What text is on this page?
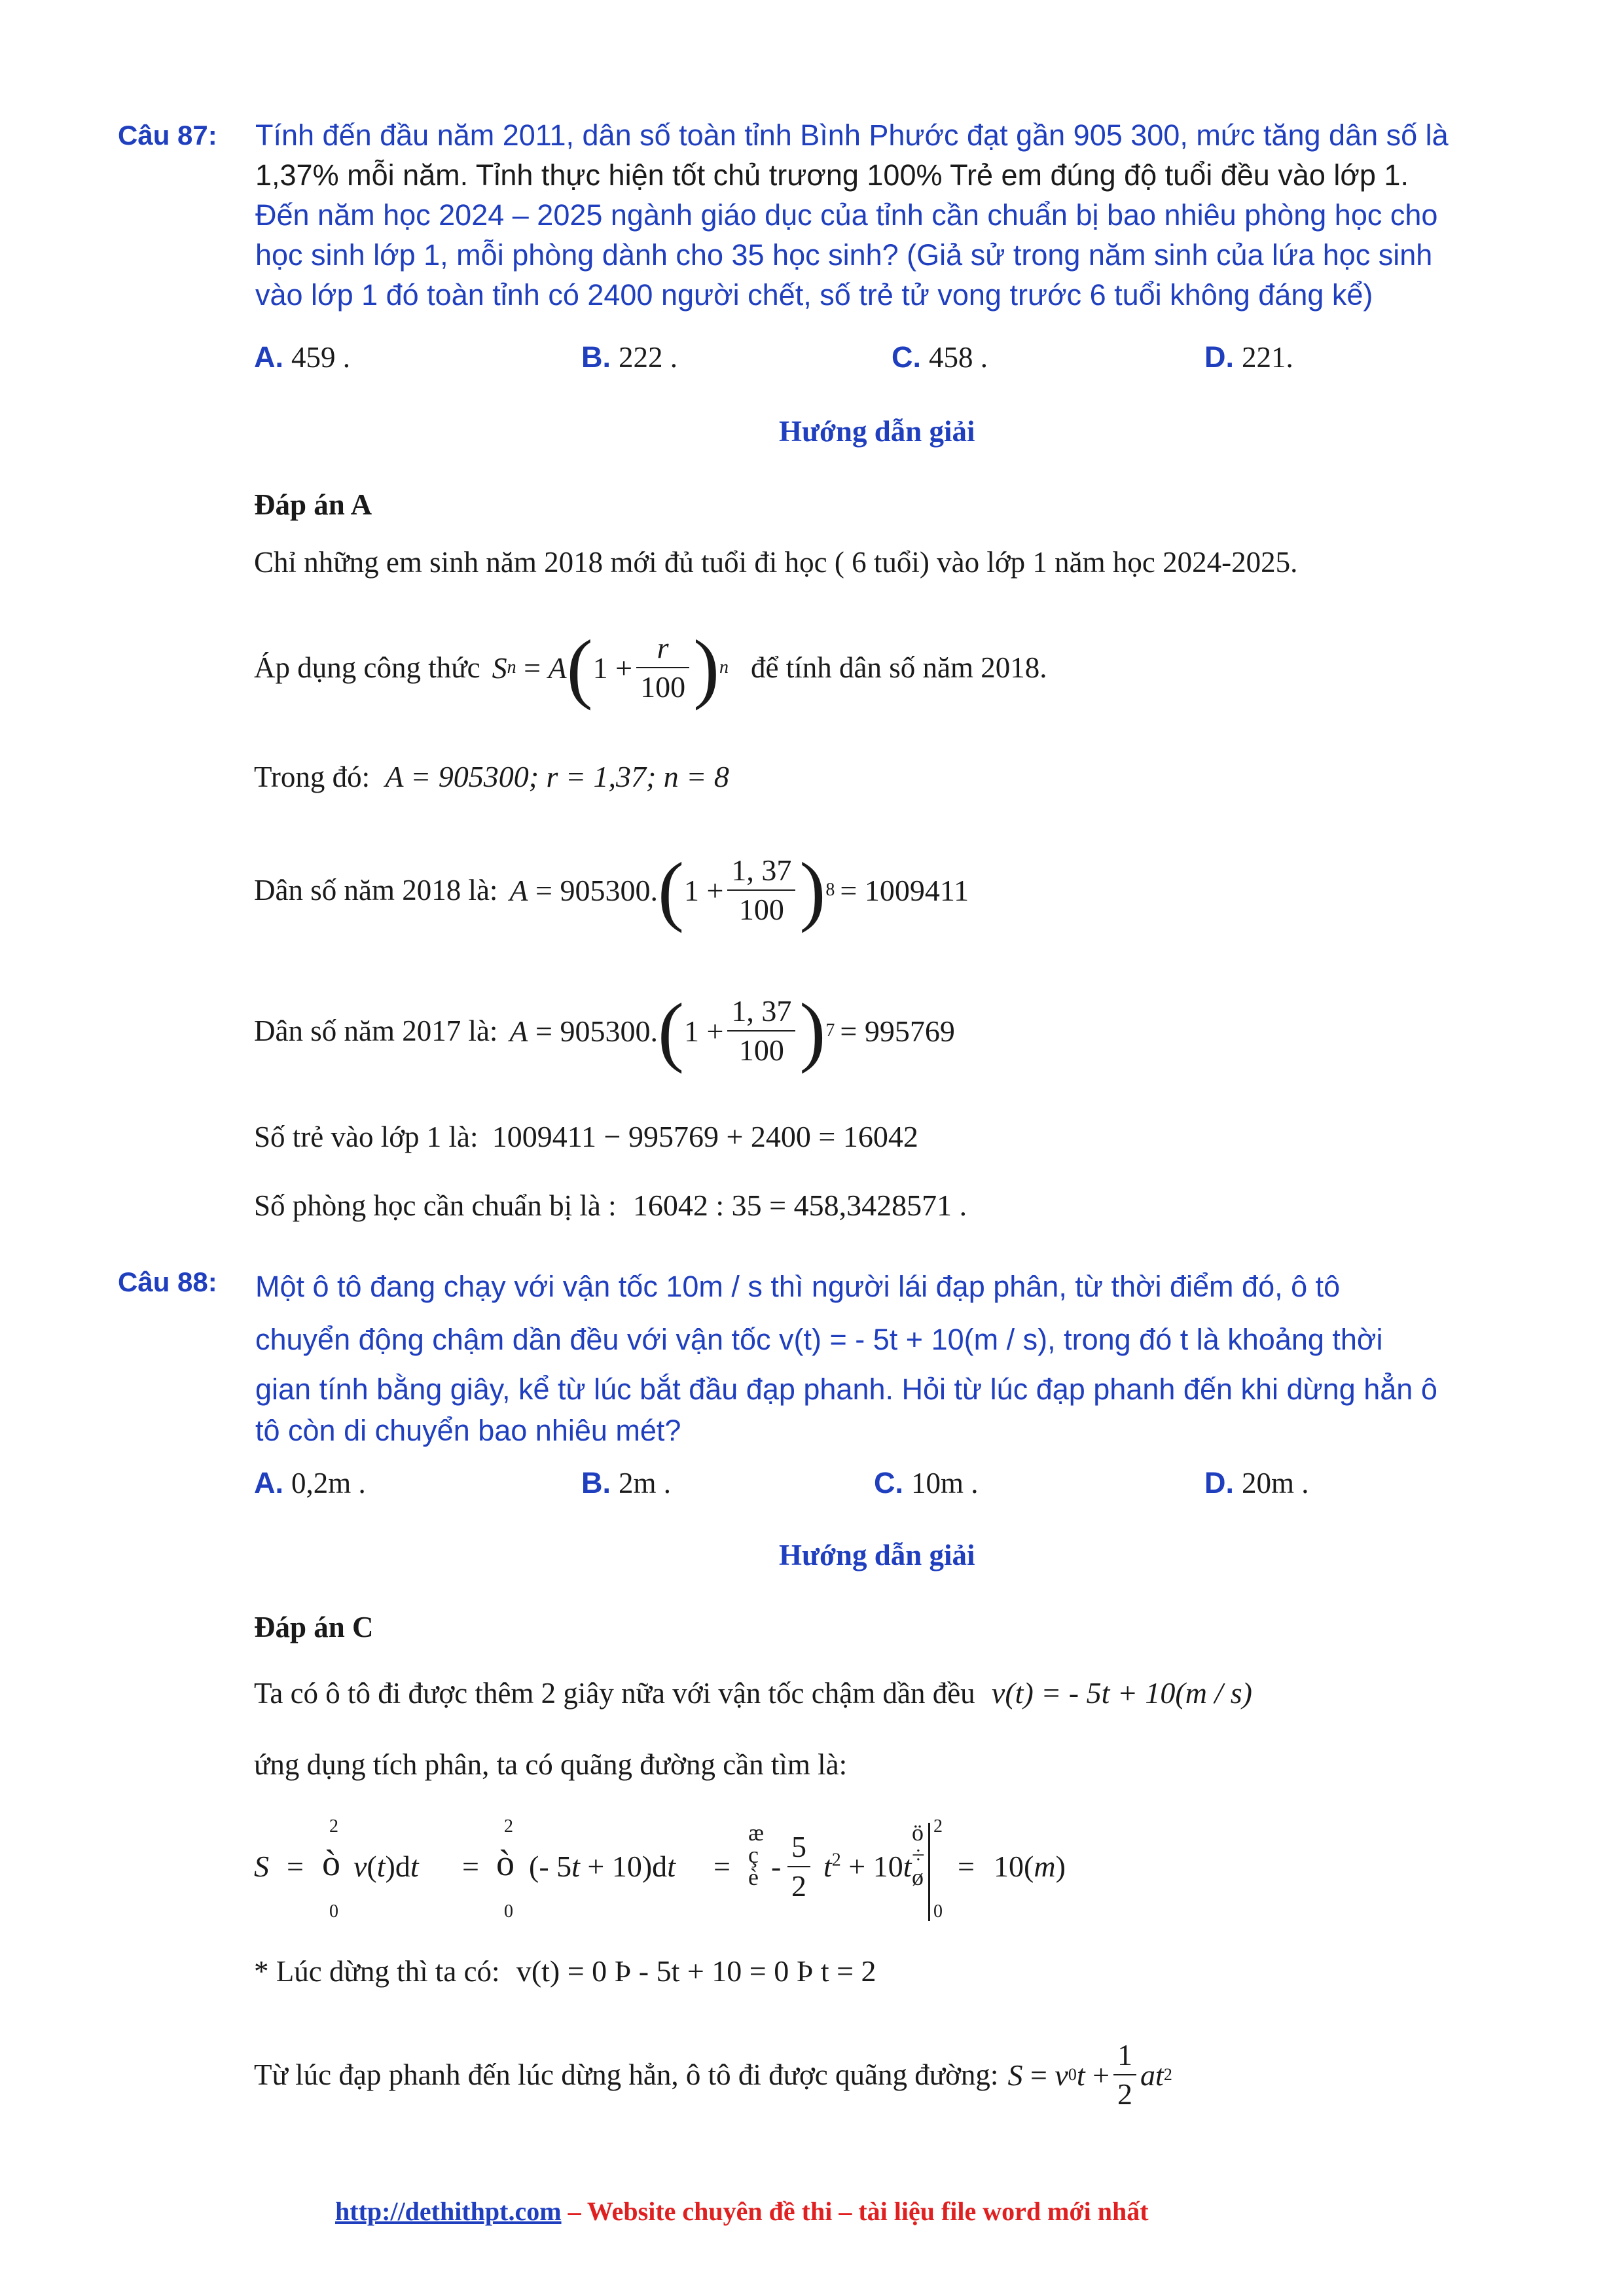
Câu 87: Tính đến đầu năm 2011, dân số toàn tỉnh Bình Phước đạt gần 905 300, mức tăng dân số là
1,37% mỗi năm. Tỉnh thực hiện tốt chủ trương 100% Trẻ em đúng độ tuổi đều vào lớp 1.
Đến năm học 2024 – 2025 ngành giáo dục của tỉnh cần chuẩn bị bao nhiêu phòng học cho
học sinh lớp 1, mỗi phòng dành cho 35 học sinh? (Giả sử trong năm sinh của lứa học sinh
vào lớp 1 đó toàn tỉnh có 2400 người chết, số trẻ tử vong trước 6 tuổi không đáng kể)
A. 459 .	B. 222 .	C. 458 .	D. 221.
Hướng dẫn giải
Đáp án A
Chỉ những em sinh năm 2018 mới đủ tuổi đi học ( 6 tuổi) vào lớp 1 năm học 2024-2025.
Áp dụng công thức S n = A ( $1 + \frac{r}{100}$ ) n để tính dân số năm 2018.
Trong đó: A = 905300; r = 1,37; n = 8
Dân số năm 2018 là: A = 905300. ( $1 + \frac{1, 37}{100}$ ) 8 = 1009411
Dân số năm 2017 là: A = 905300. ( $1 + \frac{1, 37}{100}$ ) 7 = 995769
Số trẻ vào lớp 1 là: 1009411 − 995769 + 2400 = 16042
Số phòng học cần chuẩn bị là : 16042 : 35 = 458,3428571 .
Câu 88: Một ô tô đang chạy với vận tốc 10m / s thì người lái đạp phân, từ thời điểm đó, ô tô
chuyển động chậm dần đều với vận tốc v(t) = - 5t + 10(m / s), trong đó t là khoảng thời
gian tính bằng giây, kể từ lúc bắt đầu đạp phanh. Hỏi từ lúc đạp phanh đến khi dừng hẳn ô
tô còn di chuyển bao nhiêu mét?
A. 0,2m .	B. 2m .	C. 10m .	D. 20m .
Hướng dẫn giải
Đáp án C
Ta có ô tô đi được thêm 2 giây nữa với vận tốc chậm dần đều v(t) = - 5t + 10(m / s)
ứng dụng tích phân, ta có quãng đường cần tìm là:
S =
2
ò
0
v(t)dt =
2
ò
0
(- 5t + 10)dt =
æ
ç
è - $\frac{5}{2} t^2 + 10t$
ö
÷
ø
2
0
= 10(m)
* Lúc dừng thì ta có: v(t) = 0 Þ - 5t + 10 = 0 Þ t = 2
Từ lúc đạp phanh đến lúc dừng hẳn, ô tô đi được quãng đường: S = v 0 $t + \frac{1}{2}$ at 2
http://dethithpt.com – Website chuyên đề thi – tài liệu file word mới nhất
